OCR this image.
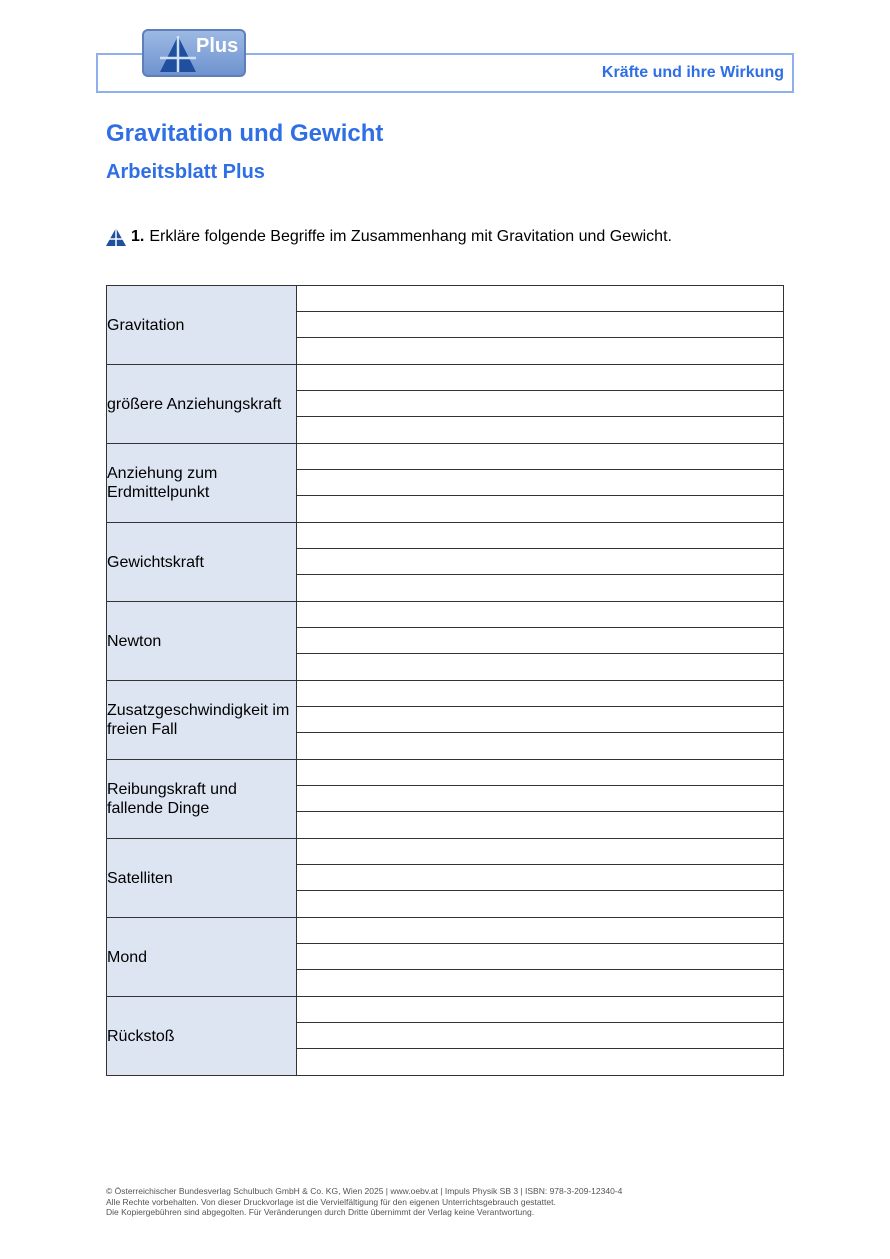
Plus
Kräfte und ihre Wirkung
Gravitation und Gewicht
Arbeitsblatt Plus
1. Erkläre folgende Begriffe im Zusammenhang mit Gravitation und Gewicht.
Gravitation	

größere Anziehungskraft	

Anziehung zum Erdmittelpunkt	

Gewichtskraft	

Newton	

Zusatzgeschwindigkeit im freien Fall	

Reibungskraft und fallende Dinge	

Satelliten	

Mond	

Rückstoß	
© Österreichischer Bundesverlag Schulbuch GmbH & Co. KG, Wien 2025 | www.oebv.at | Impuls Physik SB 3 | ISBN: 978-3-209-12340-4
Alle Rechte vorbehalten. Von dieser Druckvorlage ist die Vervielfältigung für den eigenen Unterrichtsgebrauch gestattet.
Die Kopiergebühren sind abgegolten. Für Veränderungen durch Dritte übernimmt der Verlag keine Verantwortung.
